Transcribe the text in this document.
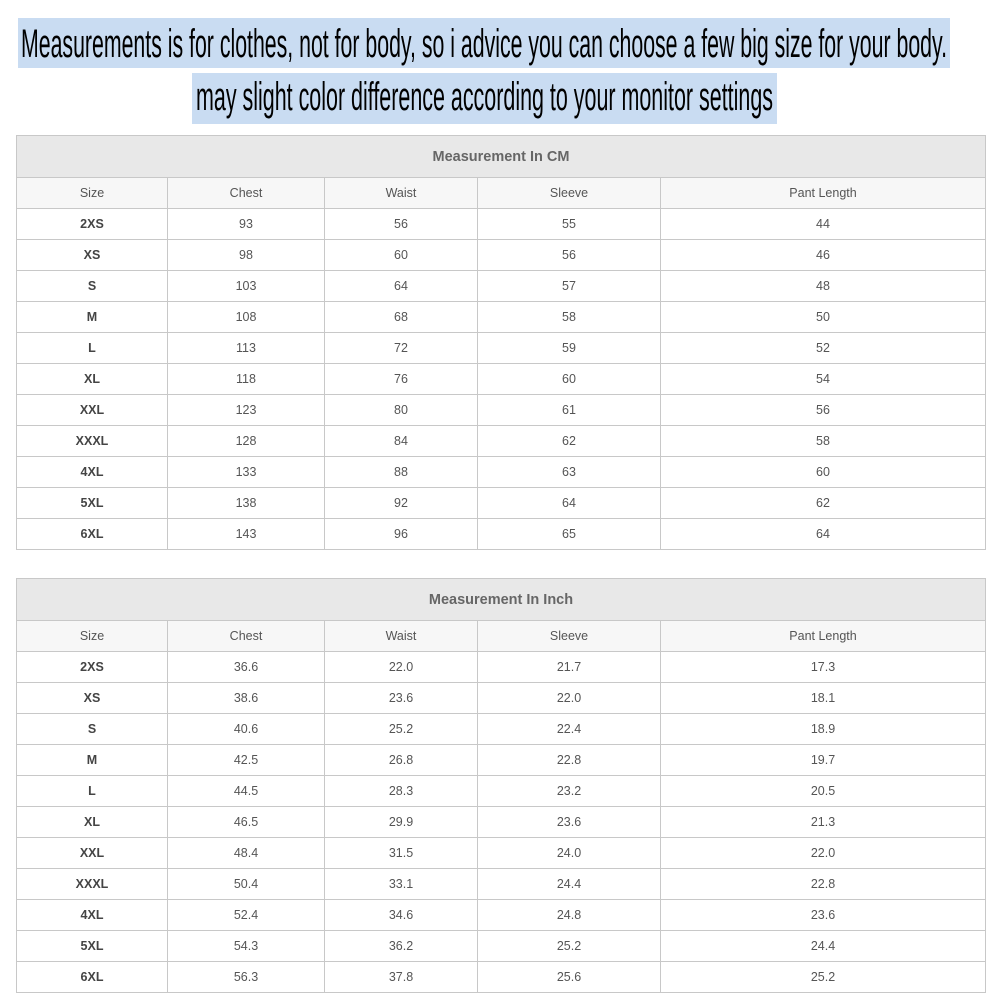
Measurements is for clothes, not for body, so i advice you can choose a few big size for your body.
may slight color difference according to your monitor settings
Measurement In CM				
Size	Chest	Waist	Sleeve	Pant Length
2XS	93	56	55	44
XS	98	60	56	46
S	103	64	57	48
M	108	68	58	50
L	113	72	59	52
XL	118	76	60	54
XXL	123	80	61	56
XXXL	128	84	62	58
4XL	133	88	63	60
5XL	138	92	64	62
6XL	143	96	65	64
Measurement In Inch				
Size	Chest	Waist	Sleeve	Pant Length
2XS	36.6	22.0	21.7	17.3
XS	38.6	23.6	22.0	18.1
S	40.6	25.2	22.4	18.9
M	42.5	26.8	22.8	19.7
L	44.5	28.3	23.2	20.5
XL	46.5	29.9	23.6	21.3
XXL	48.4	31.5	24.0	22.0
XXXL	50.4	33.1	24.4	22.8
4XL	52.4	34.6	24.8	23.6
5XL	54.3	36.2	25.2	24.4
6XL	56.3	37.8	25.6	25.2
